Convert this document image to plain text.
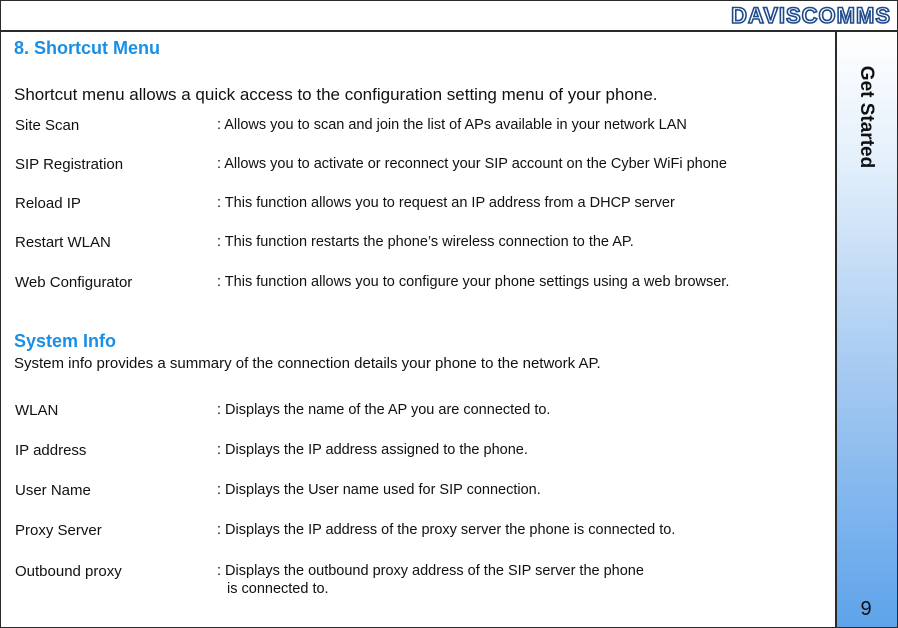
DAVISCOMMS
Get Started
9
8. Shortcut Menu
Shortcut menu allows a quick access to the configuration setting menu of your phone.
Site Scan	: Allows you to scan and join the list of APs available in your network LAN
SIP Registration	: Allows you to activate or reconnect your SIP account on the Cyber WiFi phone
Reload IP	: This function allows you to request an IP address from a DHCP server
Restart WLAN	: This function restarts the phone’s wireless connection to the AP.
Web Configurator	: This function allows you to configure your phone settings using a web browser.
System Info
System info provides a summary of the connection details your phone to the network AP.
WLAN	: Displays the name of the AP you are connected to.
IP address	: Displays the IP address assigned to the phone.
User Name	: Displays the User name used for SIP connection.
Proxy Server	: Displays the IP address of the proxy server the phone is connected to.
Outbound proxy	: Displays the outbound proxy address of the SIP server the phone
is connected to.
